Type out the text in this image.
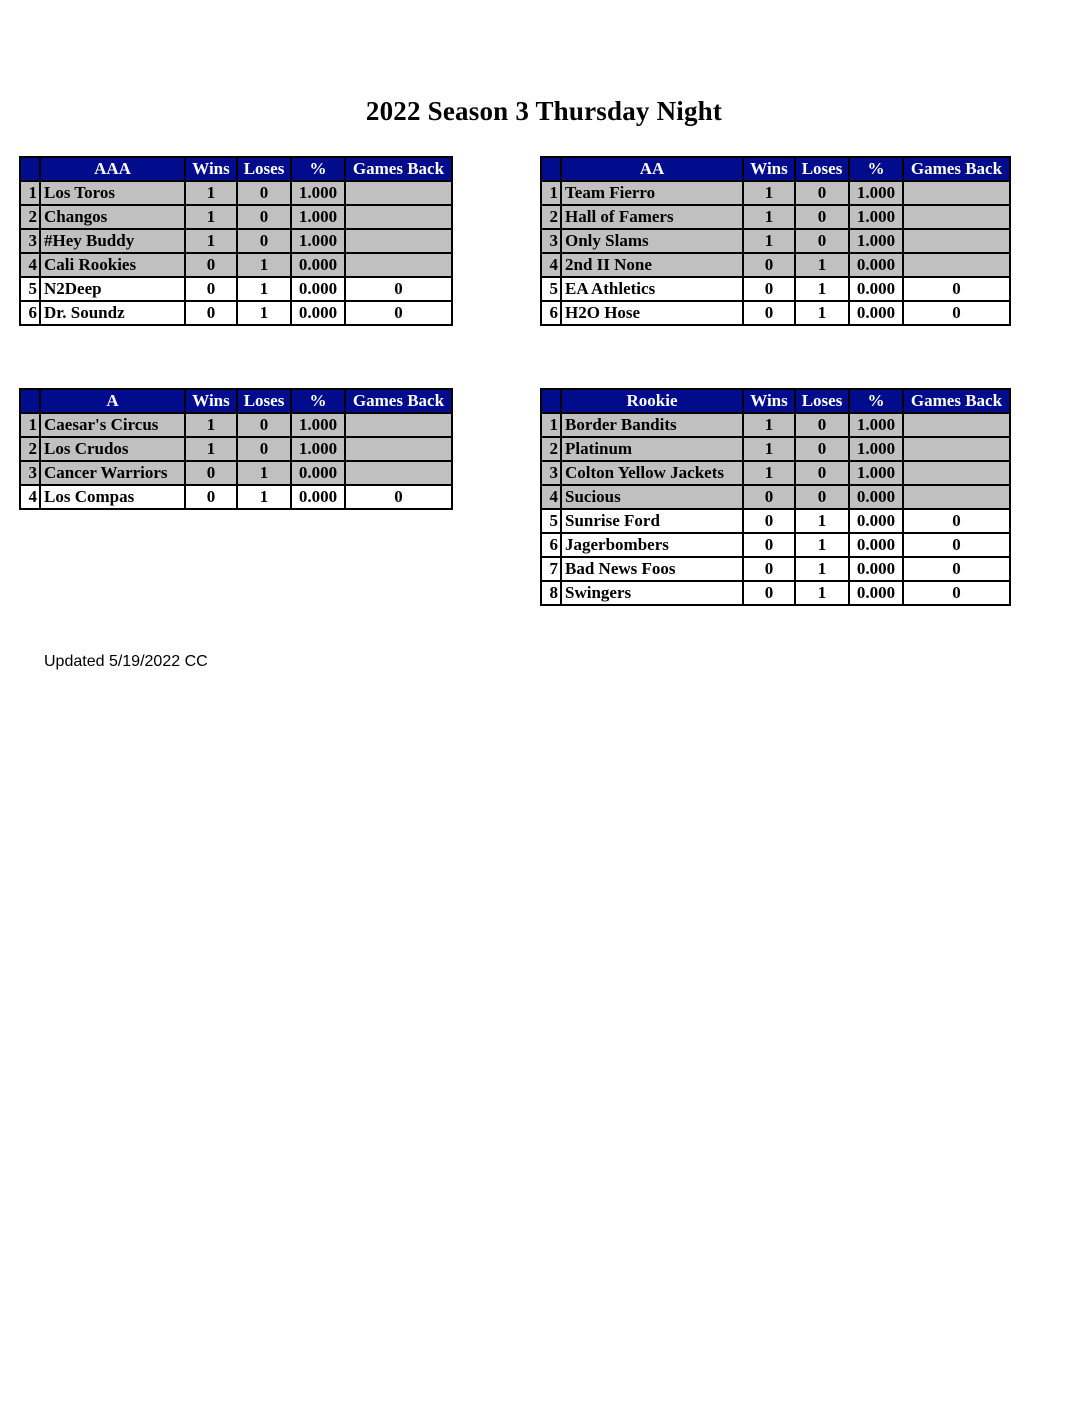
2022 Season 3 Thursday Night
	AAA	Wins	Loses	%	Games Back
1	Los Toros	1	0	1.000	
2	Changos	1	0	1.000	
3	#Hey Buddy	1	0	1.000	
4	Cali Rookies	0	1	0.000	
5	N2Deep	0	1	0.000	0
6	Dr. Soundz	0	1	0.000	0
	AA	Wins	Loses	%	Games Back
1	Team Fierro	1	0	1.000	
2	Hall of Famers	1	0	1.000	
3	Only Slams	1	0	1.000	
4	2nd II None	0	1	0.000	
5	EA Athletics	0	1	0.000	0
6	H2O Hose	0	1	0.000	0
	A	Wins	Loses	%	Games Back
1	Caesar's Circus	1	0	1.000	
2	Los Crudos	1	0	1.000	
3	Cancer Warriors	0	1	0.000	
4	Los Compas	0	1	0.000	0
	Rookie	Wins	Loses	%	Games Back
1	Border Bandits	1	0	1.000	
2	Platinum	1	0	1.000	
3	Colton Yellow Jackets	1	0	1.000	
4	Sucious	0	0	0.000	
5	Sunrise Ford	0	1	0.000	0
6	Jagerbombers	0	1	0.000	0
7	Bad News Foos	0	1	0.000	0
8	Swingers	0	1	0.000	0
Updated 5/19/2022 CC
